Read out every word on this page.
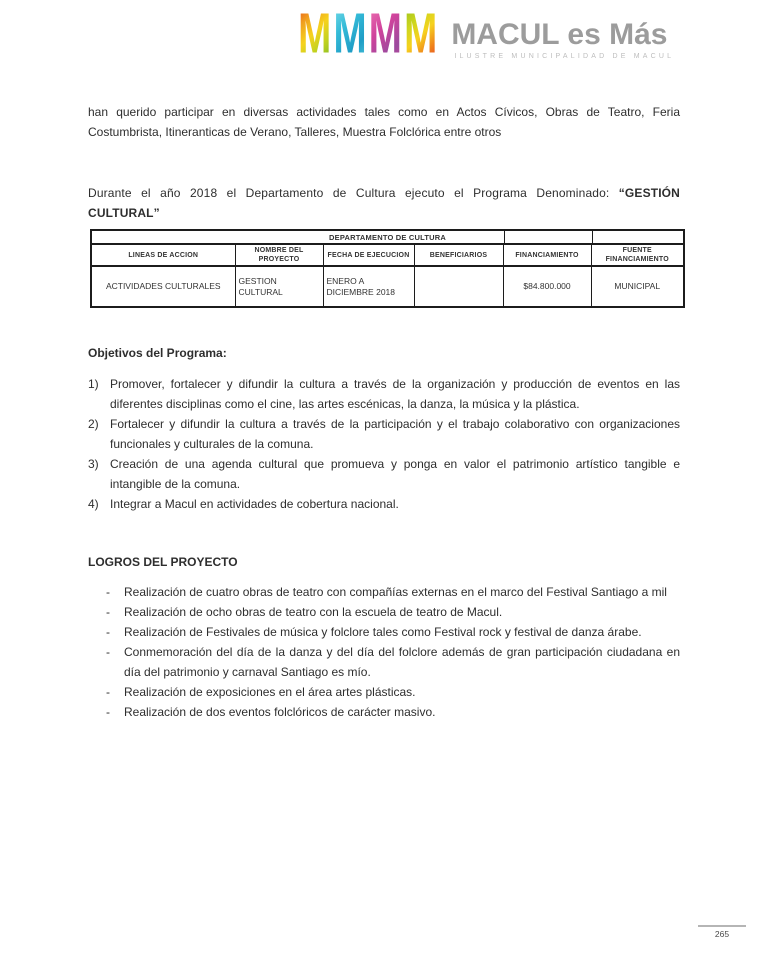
M M M M MACUL es Más
ILUSTRE MUNICIPALIDAD DE MACUL

han querido participar en diversas actividades tales como en Actos Cívicos, Obras de Teatro, Feria Costumbrista, Itineranticas de Verano, Talleres, Muestra Folclórica entre otros

Durante el año 2018 el Departamento de Cultura ejecuto el Programa Denominado: “GESTIÓN CULTURAL”

DEPARTAMENTO DE CULTURA					

LINEAS DE ACCION	NOMBRE DEL PROYECTO	FECHA DE EJECUCION	BENEFICIARIOS	FINANCIAMIENTO	FUENTE FINANCIAMIENTO
ACTIVIDADES CULTURALES	GESTION CULTURAL	ENERO A DICIEMBRE 2018		$84.800.000	MUNICIPAL

Objetivos del Programa:

1) Promover, fortalecer y difundir la cultura a través de la organización y producción de eventos en las diferentes disciplinas como el cine, las artes escénicas, la danza, la música y la plástica.
2) Fortalecer y difundir la cultura a través de la participación y el trabajo colaborativo con organizaciones funcionales y culturales de la comuna.
3) Creación de una agenda cultural que promueva y ponga en valor el patrimonio artístico tangible e intangible de la comuna.
4) Integrar a Macul en actividades de cobertura nacional.

LOGROS DEL PROYECTO

-	Realización de cuatro obras de teatro con compañías externas en el marco del Festival Santiago a mil
-	Realización de ocho obras de teatro con la escuela de teatro de Macul.
-	Realización de Festivales de música y folclore tales como Festival rock y festival de danza árabe.
-	Conmemoración del día de la danza y del día del folclore además de gran participación ciudadana en día del patrimonio y carnaval Santiago es mío.
-	Realización de exposiciones en el área artes plásticas.
-	Realización de dos eventos folclóricos de carácter masivo.
265
